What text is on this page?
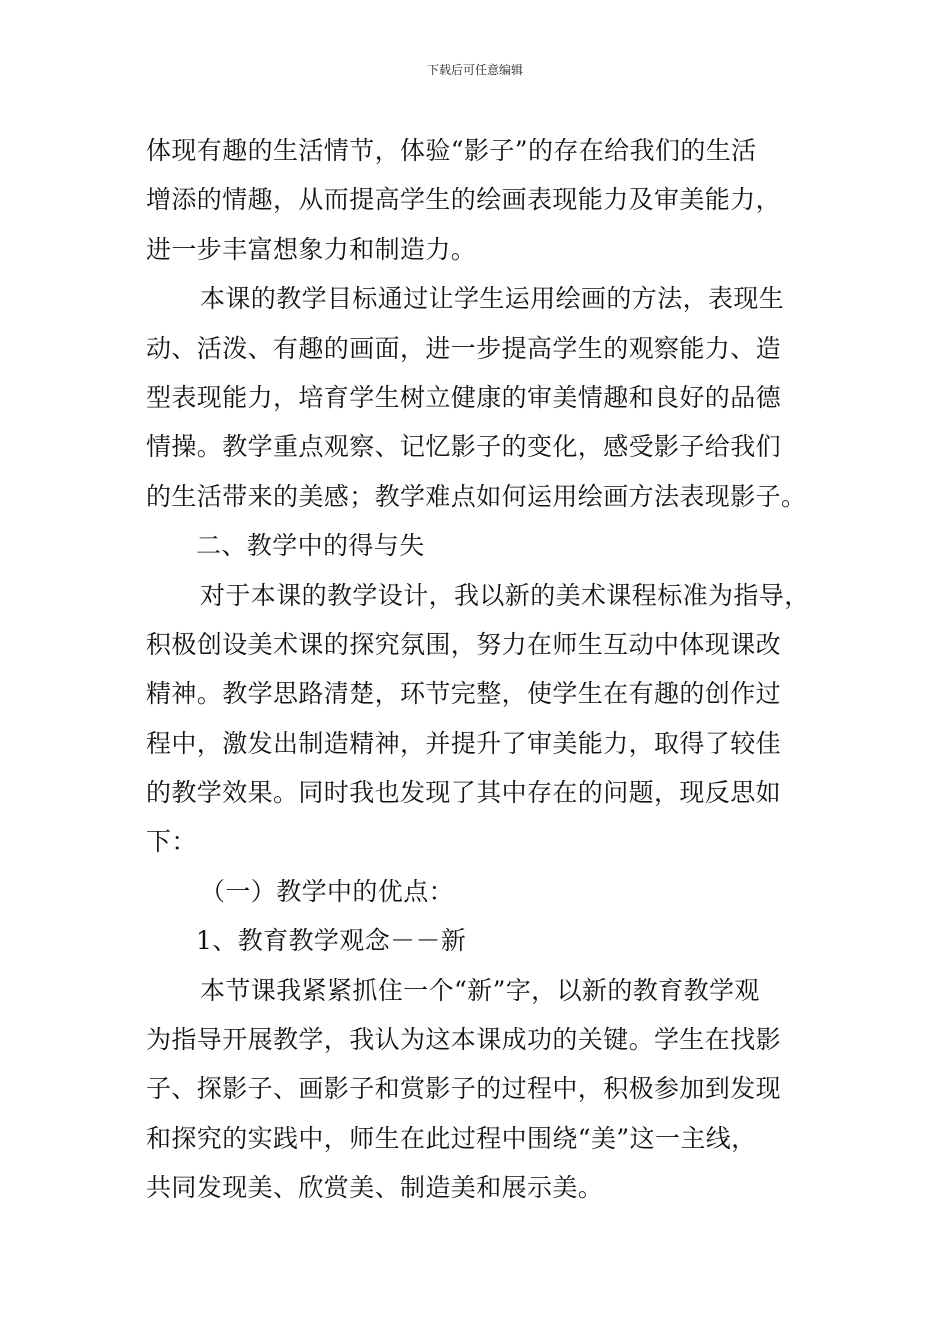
下载后可任意编辑
体现有趣的生活情节，体验“影子”的存在给我们的生活
增添的情趣，从而提高学生的绘画表现能力及审美能力，
进一步丰富想象力和制造力。
本课的教学目标通过让学生运用绘画的方法，表现生
动、活泼、有趣的画面，进一步提高学生的观察能力、造
型表现能力，培育学生树立健康的审美情趣和良好的品德
情操。教学重点观察、记忆影子的变化，感受影子给我们
的生活带来的美感；教学难点如何运用绘画方法表现影子。
二、教学中的得与失
对于本课的教学设计，我以新的美术课程标准为指导，
积极创设美术课的探究氛围，努力在师生互动中体现课改
精神。教学思路清楚，环节完整，使学生在有趣的创作过
程中，激发出制造精神，并提升了审美能力，取得了较佳
的教学效果。同时我也发现了其中存在的问题，现反思如
下：
（一）教学中的优点：
1、教育教学观念－－新
本节课我紧紧抓住一个“新”字，以新的教育教学观
为指导开展教学，我认为这本课成功的关键。学生在找影
子、探影子、画影子和赏影子的过程中，积极参加到发现
和探究的实践中，师生在此过程中围绕“美”这一主线，
共同发现美、欣赏美、制造美和展示美。
